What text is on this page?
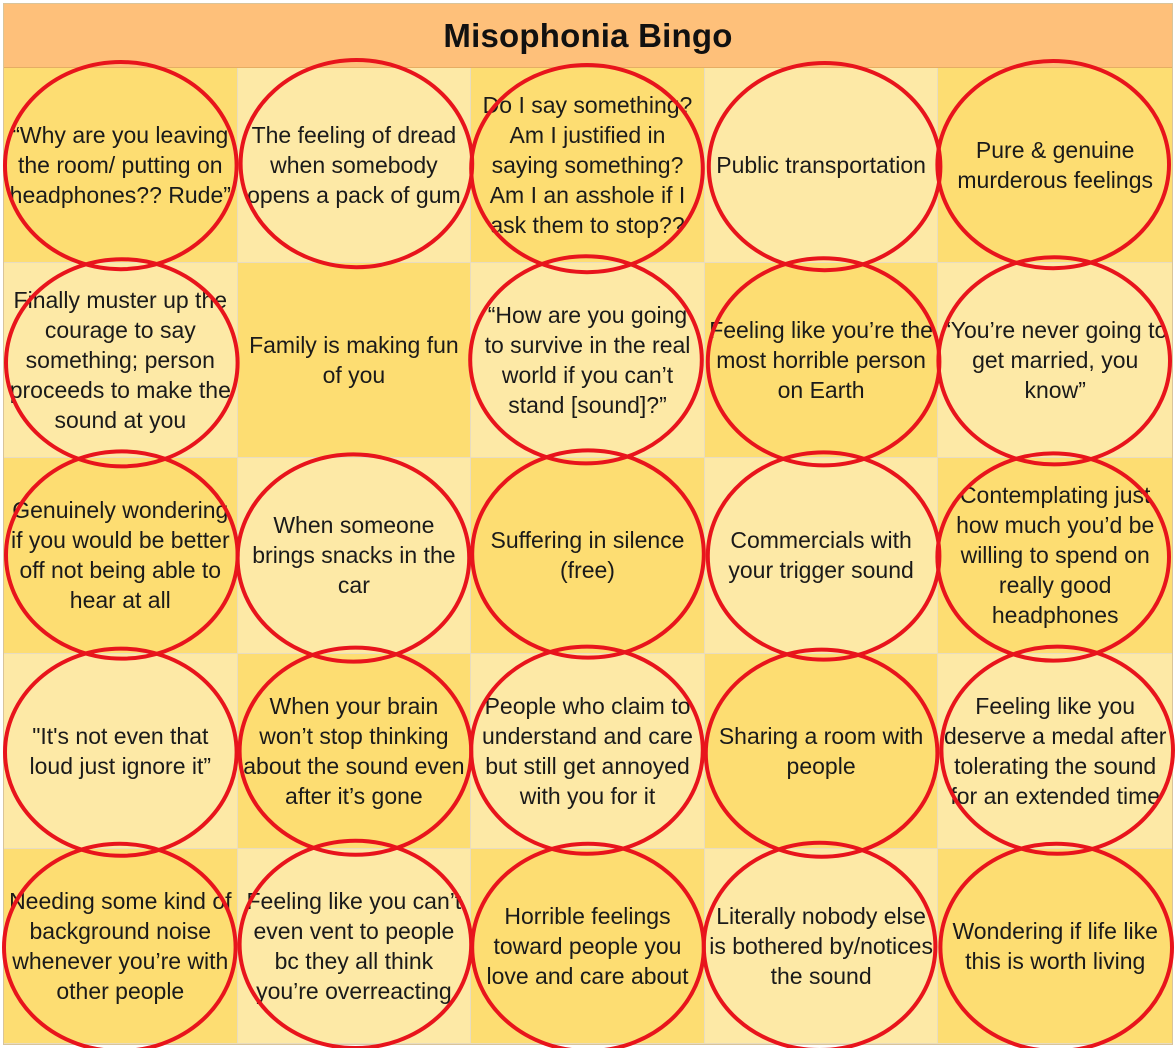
Misophonia Bingo
“Why are you leaving the room/ putting on headphones?? Rude”
The feeling of dread when somebody opens a pack of gum
Do I say something? Am I justified in saying something? Am I an asshole if I ask them to stop??
Public transportation
Pure & genuine murderous feelings
Finally muster up the courage to say something; person proceeds to make the sound at you
Family is making fun of you
“How are you going to survive in the real world if you can’t stand [sound]?”
Feeling like you’re the most horrible person on Earth
“You’re never going to get married, you know”
Genuinely wondering if you would be better off not being able to hear at all
When someone brings snacks in the car
Suffering in silence (free)
Commercials with your trigger sound
Contemplating just how much you’d be willing to spend on really good headphones
"It's not even that loud just ignore it”
When your brain won’t stop thinking about the sound even after it’s gone
People who claim to understand and care but still get annoyed with you for it
Sharing a room with people
Feeling like you deserve a medal after tolerating the sound for an extended time
Needing some kind of background noise whenever you’re with other people
Feeling like you can’t even vent to people bc they all think you’re overreacting
Horrible feelings toward people you love and care about
Literally nobody else is bothered by/notices the sound
Wondering if life like this is worth living
